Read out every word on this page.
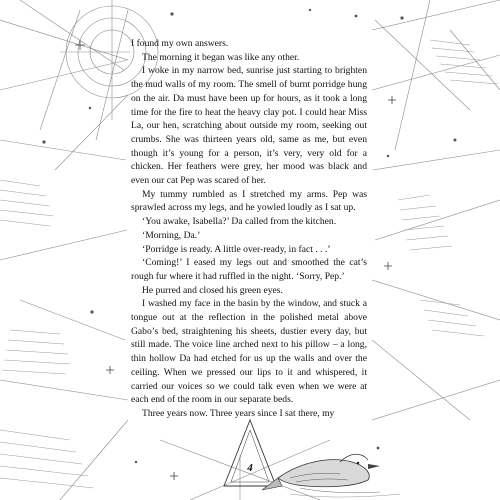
I found my own answers.

The morning it began was like any other.

I woke in my narrow bed, sunrise just starting to brighten the mud walls of my room. The smell of burnt porridge hung on the air. Da must have been up for hours, as it took a long time for the fire to heat the heavy clay pot. I could hear Miss La, our hen, scratching about outside my room, seeking out crumbs. She was thirteen years old, same as me, but even though it’s young for a person, it’s very, very old for a chicken. Her feathers were grey, her mood was black and even our cat Pep was scared of her.

My tummy rumbled as I stretched my arms. Pep was sprawled across my legs, and he yowled loudly as I sat up.

‘You awake, Isabella?’ Da called from the kitchen.

‘Morning, Da.’

‘Porridge is ready. A little over-ready, in fact . . .’

‘Coming!’ I eased my legs out and smoothed the cat’s rough fur where it had ruffled in the night. ‘Sorry, Pep.’

He purred and closed his green eyes.

I washed my face in the basin by the window, and stuck a tongue out at the reflection in the polished metal above Gabo’s bed, straightening his sheets, dustier every day, but still made. The voice line arched next to his pillow – a long, thin hollow Da had etched for us up the walls and over the ceiling. When we pressed our lips to it and whispered, it carried our voices so we could talk even when we were at each end of the room in our separate beds.

Three years now. Three years since I sat there, my

4
